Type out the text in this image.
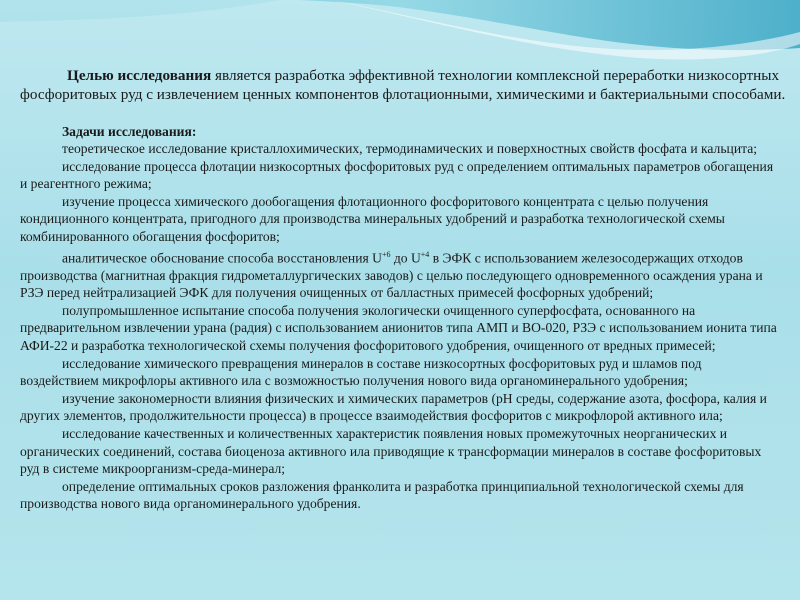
Целью исследования является разработка эффективной технологии комплексной переработки низкосортных фосфоритовых руд с извлечением ценных компонентов флотационными, химическими и бактериальными способами.

Задачи исследования:

теоретическое исследование кристаллохимических, термодинамических и поверхностных свойств фосфата и кальцита;
исследование процесса флотации низкосортных фосфоритовых руд с определением оптимальных параметров обогащения и реагентного режима;
изучение процесса химического дообогащения флотационного фосфоритового концентрата с целью получения кондиционного концентрата, пригодного для производства минеральных удобрений и разработка технологической схемы комбинированного обогащения фосфоритов;
аналитическое обоснование способа восстановления $U^{+6}$ до $U^{+4}$ в ЭФК с использованием железосодержащих отходов производства (магнитная фракция гидрометаллургических заводов) с целью последующего одновременного осаждения урана и РЗЭ перед нейтрализацией ЭФК для получения очищенных от балластных примесей фосфорных удобрений;
полупромышленное испытание способа получения экологически очищенного суперфосфата, основанного на предварительном извлечении урана (радия) с использованием анионитов типа АМП и ВО-020, РЗЭ с использованием ионита типа АФИ-22 и разработка технологической схемы получения фосфоритового удобрения, очищенного от вредных примесей;
исследование химического превращения минералов в составе низкосортных фосфоритовых руд и шламов под воздействием микрофлоры активного ила с возможностью получения нового вида органоминерального удобрения;
изучение закономерности влияния физических и химических параметров (рН среды, содержание азота, фосфора, калия и других элементов, продолжительности процесса) в процессе взаимодействия фосфоритов с микрофлорой активного ила;
исследование качественных и количественных характеристик появления новых промежуточных неорганических и органических соединений, состава биоценоза активного ила приводящие к трансформации минералов в составе фосфоритовых руд в системе микроорганизм-среда-минерал;
определение оптимальных сроков разложения франколита и разработка принципиальной технологической схемы для производства нового вида органоминерального удобрения.
